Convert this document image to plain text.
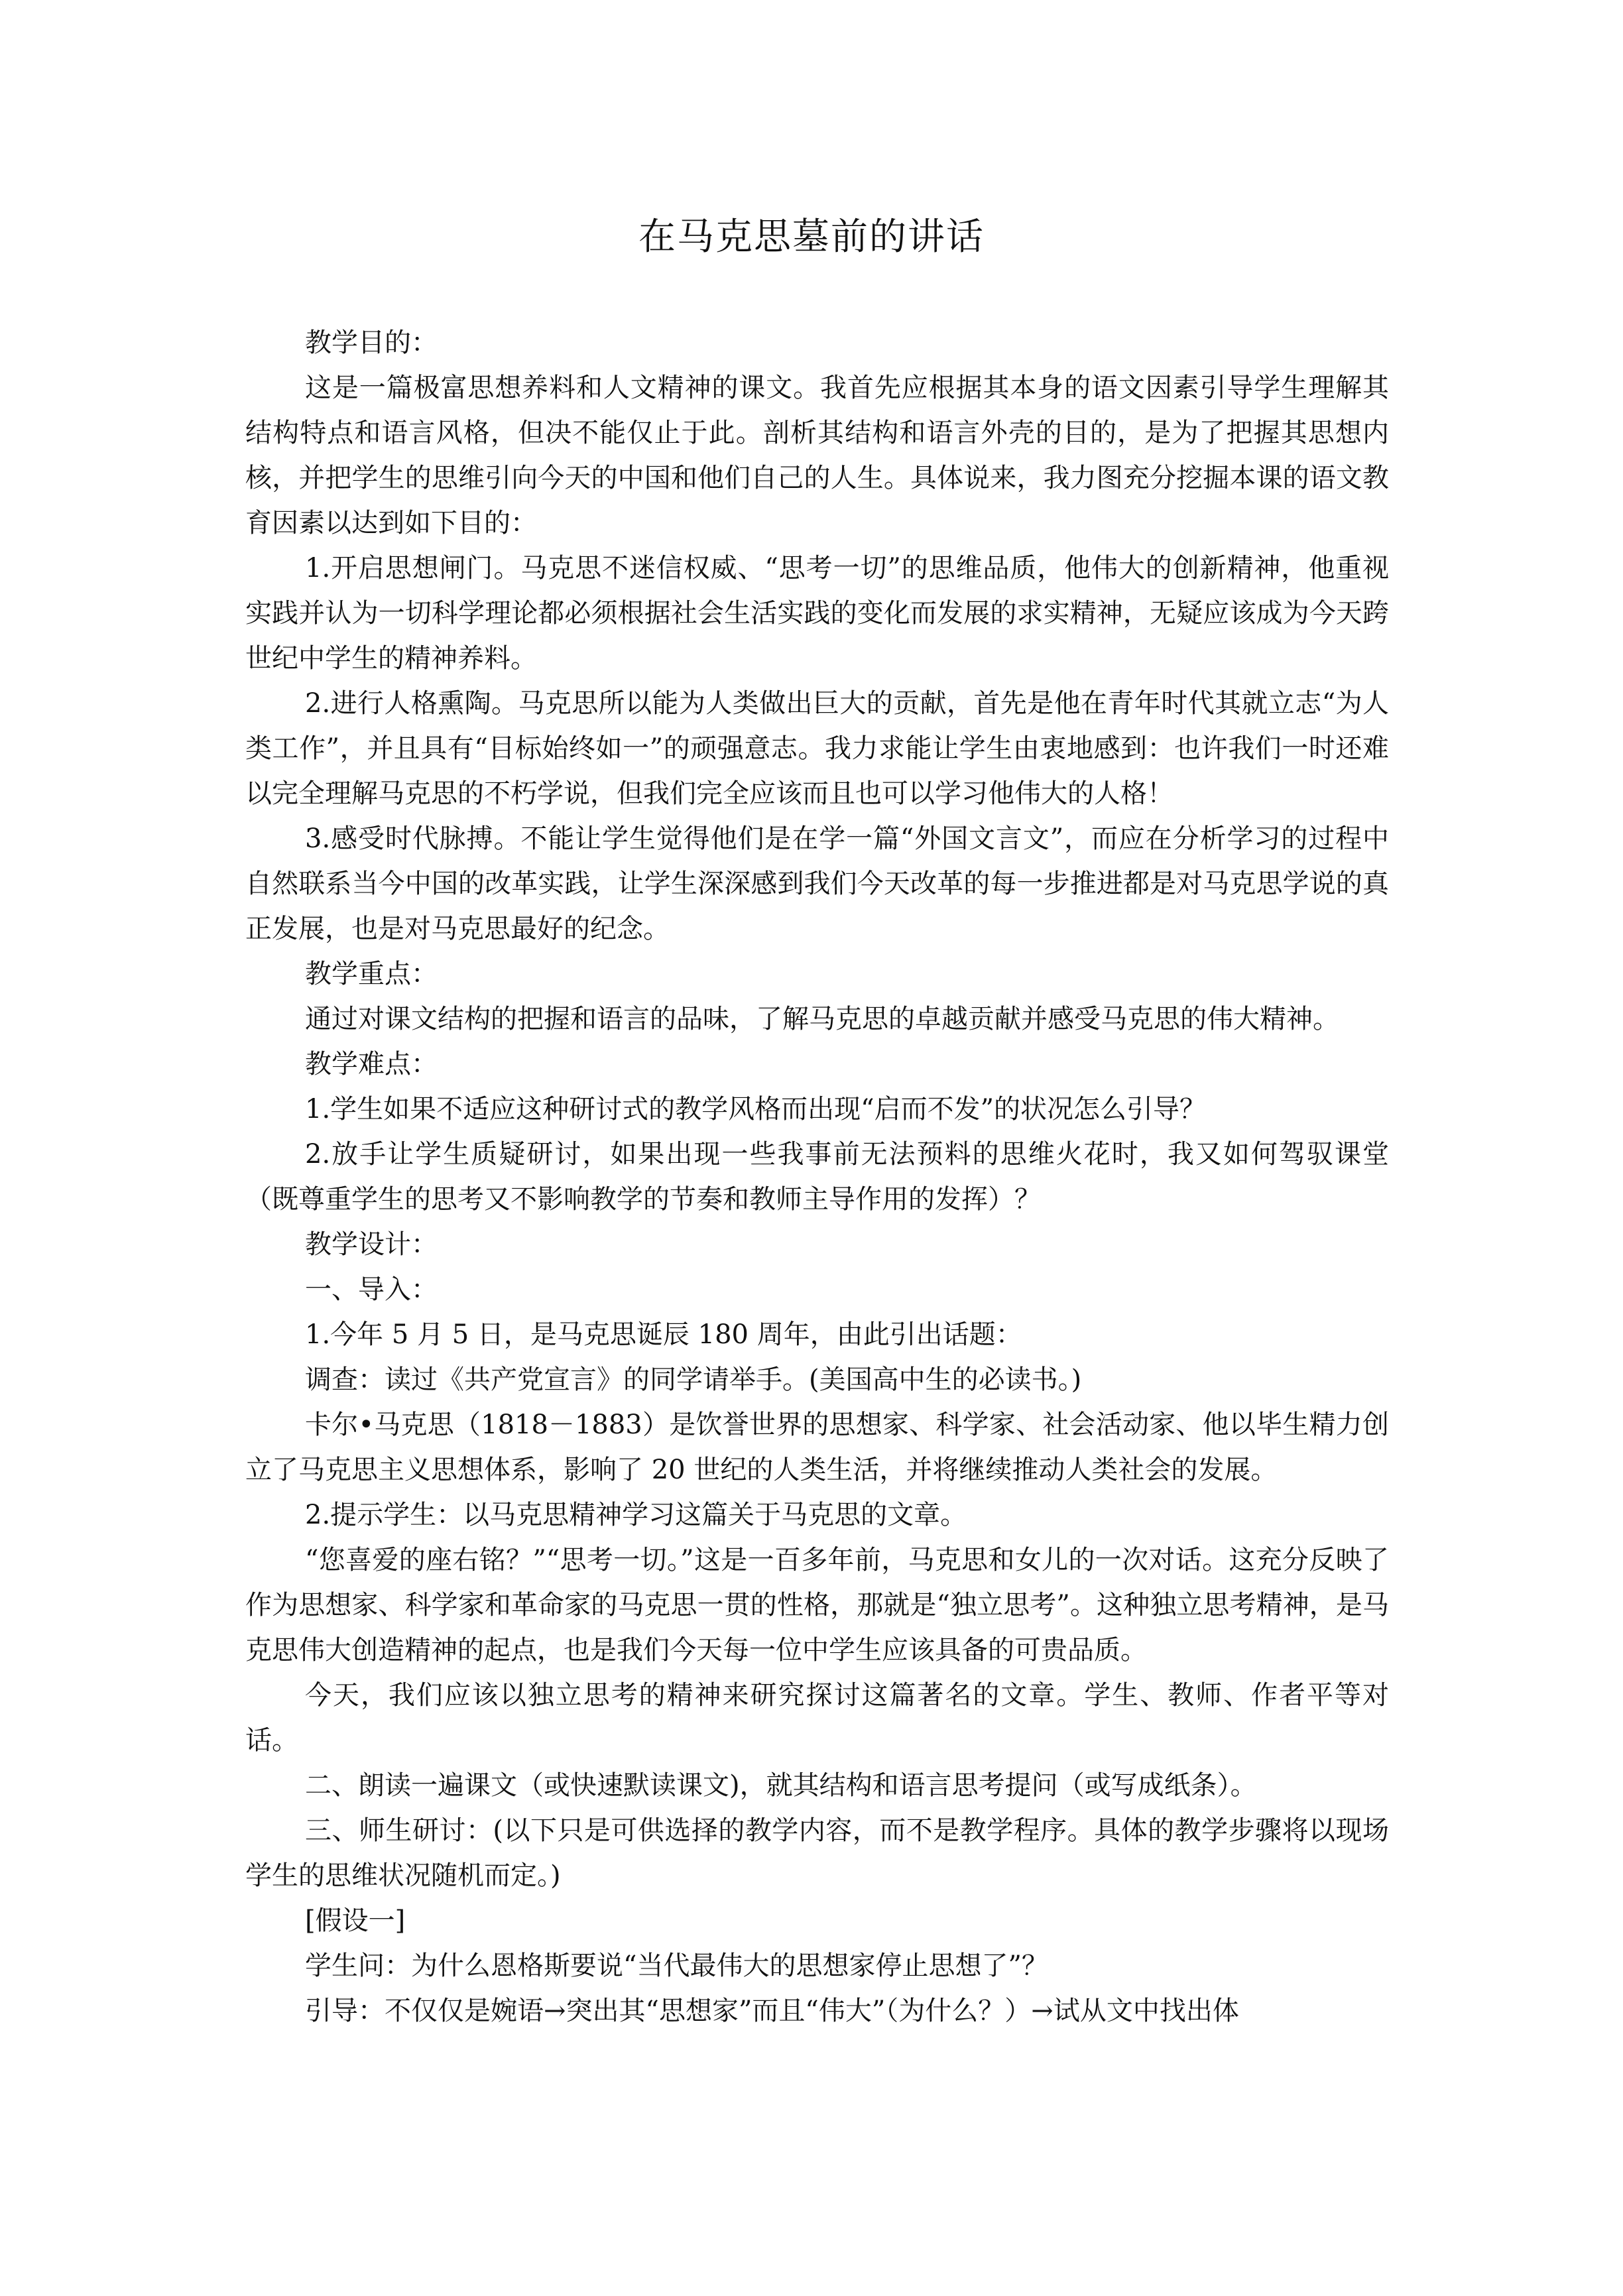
在马克思墓前的讲话

教学目的：

这是一篇极富思想养料和人文精神的课文。我首先应根据其本身的语文因素引导学生理解其结构特点和语言风格，但决不能仅止于此。剖析其结构和语言外壳的目的，是为了把握其思想内核，并把学生的思维引向今天的中国和他们自己的人生。具体说来，我力图充分挖掘本课的语文教育因素以达到如下目的：

1.开启思想闸门。马克思不迷信权威、“思考一切”的思维品质，他伟大的创新精神，他重视实践并认为一切科学理论都必须根据社会生活实践的变化而发展的求实精神，无疑应该成为今天跨世纪中学生的精神养料。

2.进行人格熏陶。马克思所以能为人类做出巨大的贡献，首先是他在青年时代其就立志“为人类工作”，并且具有“目标始终如一”的顽强意志。我力求能让学生由衷地感到：也许我们一时还难以完全理解马克思的不朽学说，但我们完全应该而且也可以学习他伟大的人格！

3.感受时代脉搏。不能让学生觉得他们是在学一篇“外国文言文”，而应在分析学习的过程中自然联系当今中国的改革实践，让学生深深感到我们今天改革的每一步推进都是对马克思学说的真正发展，也是对马克思最好的纪念。

教学重点：

通过对课文结构的把握和语言的品味，了解马克思的卓越贡献并感受马克思的伟大精神。

教学难点：

1.学生如果不适应这种研讨式的教学风格而出现“启而不发”的状况怎么引导？

2.放手让学生质疑研讨，如果出现一些我事前无法预料的思维火花时，我又如何驾驭课堂（既尊重学生的思考又不影响教学的节奏和教师主导作用的发挥）？

教学设计：

一、导入：

1.今年 5 月 5 日，是马克思诞辰 180 周年，由此引出话题：

调查：读过《共产党宣言》的同学请举手。(美国高中生的必读书。)

卡尔•马克思（1818－1883）是饮誉世界的思想家、科学家、社会活动家、他以毕生精力创立了马克思主义思想体系，影响了 20 世纪的人类生活，并将继续推动人类社会的发展。

2.提示学生：以马克思精神学习这篇关于马克思的文章。

“您喜爱的座右铭？”“思考一切。”这是一百多年前，马克思和女儿的一次对话。这充分反映了作为思想家、科学家和革命家的马克思一贯的性格，那就是“独立思考”。这种独立思考精神，是马克思伟大创造精神的起点，也是我们今天每一位中学生应该具备的可贵品质。

今天，我们应该以独立思考的精神来研究探讨这篇著名的文章。学生、教师、作者平等对话。

二、朗读一遍课文（或快速默读课文)，就其结构和语言思考提问（或写成纸条）。

三、师生研讨：(以下只是可供选择的教学内容，而不是教学程序。具体的教学步骤将以现场学生的思维状况随机而定。)

[假设一]

学生问：为什么恩格斯要说“当代最伟大的思想家停止思想了”？

引导：不仅仅是婉语→突出其“思想家”而且“伟大”（为什么？）→试从文中找出体
